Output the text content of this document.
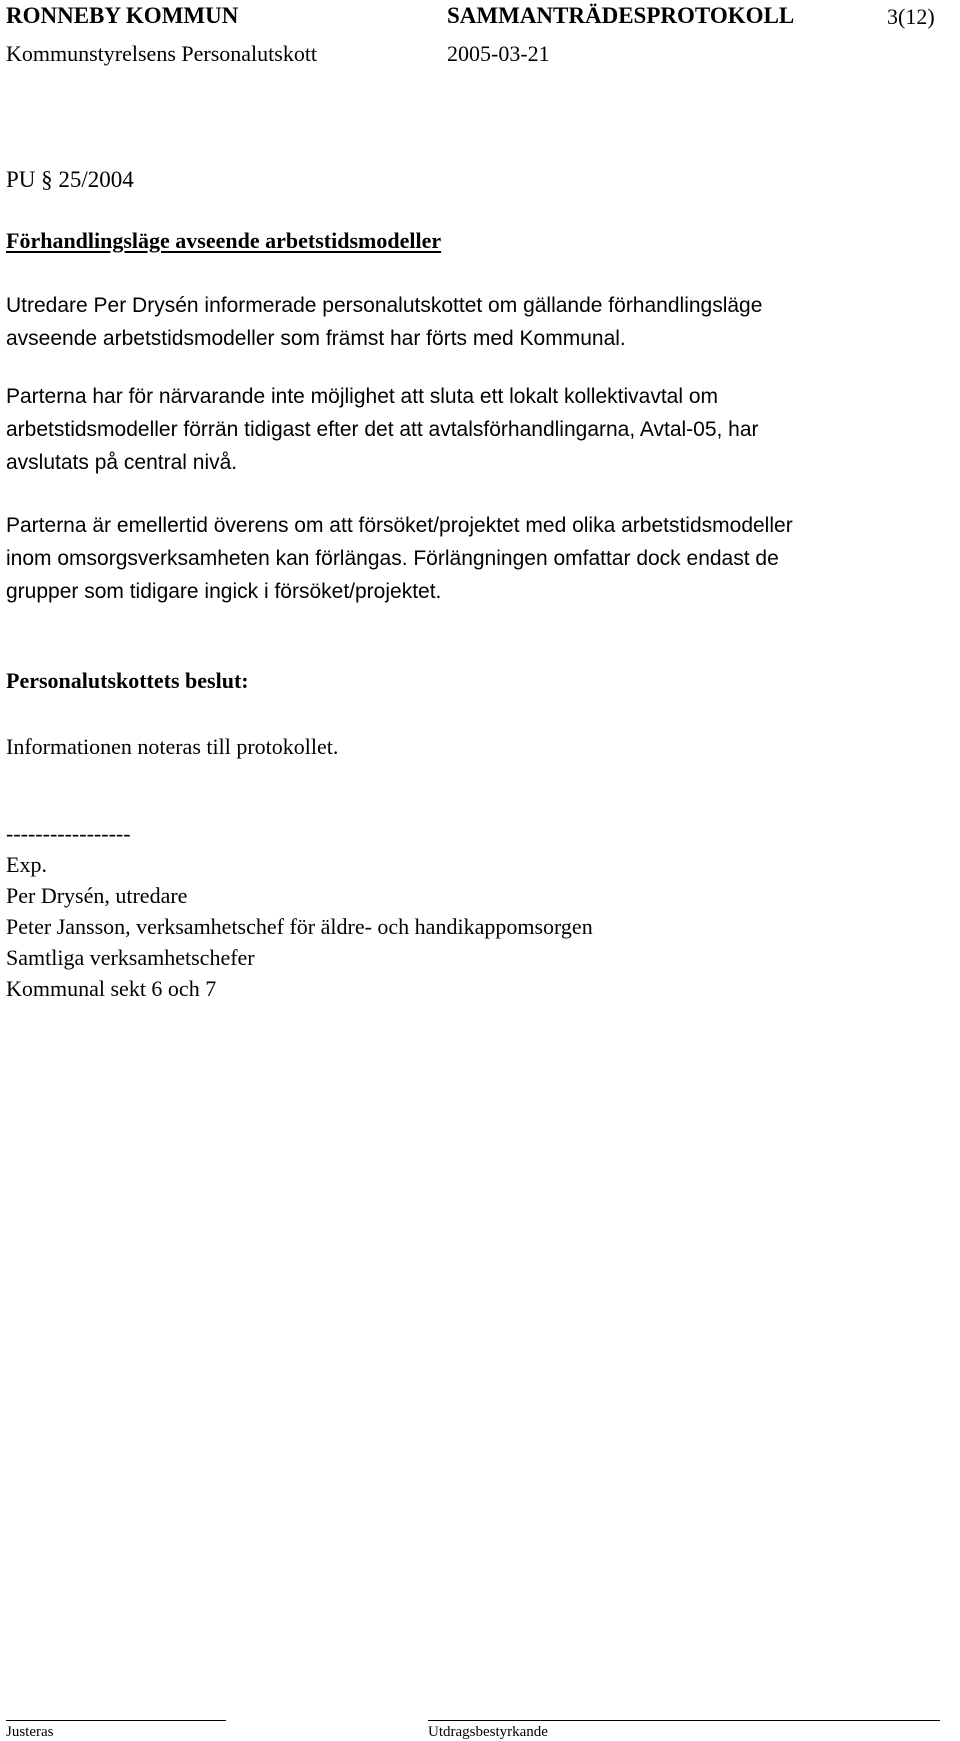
RONNEBY KOMMUN	SAMMANTRÄDESPROTOKOLL	3(12)
Kommunstyrelsens Personalutskott	2005-03-21
PU § 25/2004
Förhandlingsläge avseende arbetstidsmodeller
Utredare Per Drysén informerade personalutskottet om gällande förhandlingsläge
avseende arbetstidsmodeller som främst har förts med Kommunal.
Parterna har för närvarande inte möjlighet att sluta ett lokalt kollektivavtal om
arbetstidsmodeller förrän tidigast efter det att avtalsförhandlingarna, Avtal-05, har
avslutats på central nivå.
Parterna är emellertid överens om att försöket/projektet med olika arbetstidsmodeller
inom omsorgsverksamheten kan förlängas. Förlängningen omfattar dock endast de
grupper som tidigare ingick i försöket/projektet.
Personalutskottets beslut:
Informationen noteras till protokollet.
-----------------
Exp.
Per Drysén, utredare
Peter Jansson, verksamhetschef för äldre- och handikappomsorgen
Samtliga verksamhetschefer
Kommunal sekt 6 och 7
Justeras	Utdragsbestyrkande
